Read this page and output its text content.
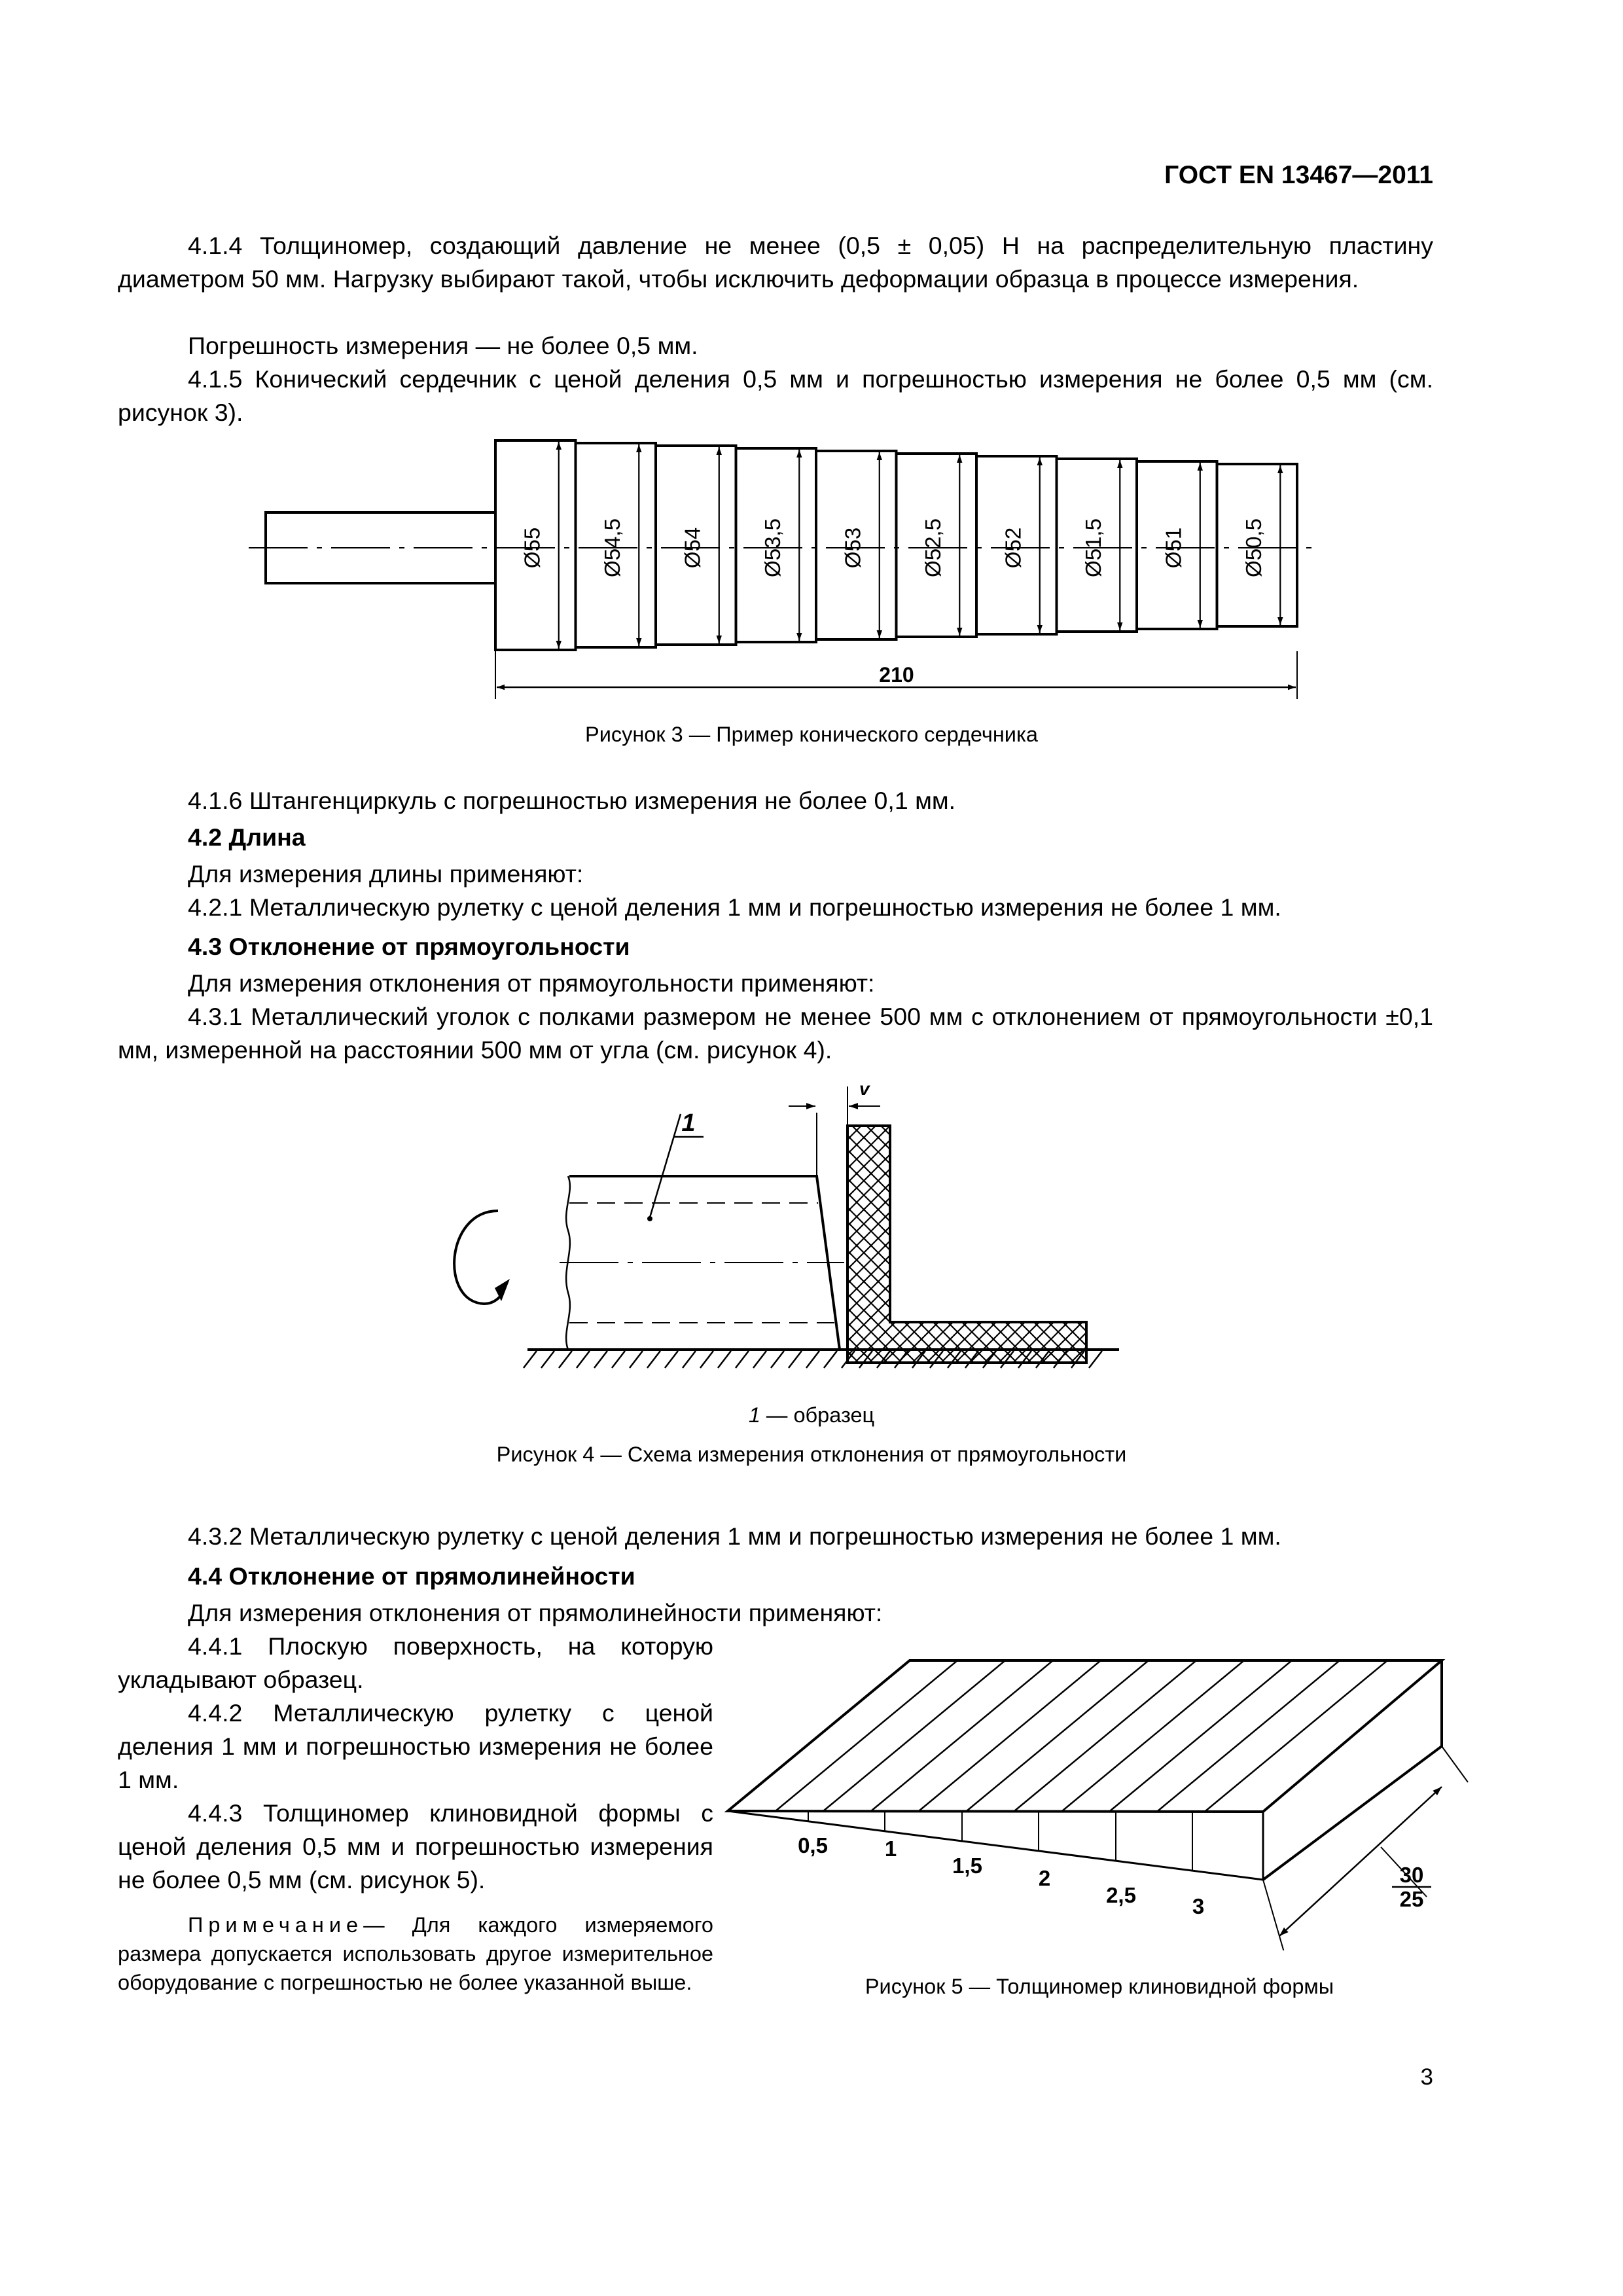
ГОСТ EN 13467—2011

4.1.4 Толщиномер, создающий давление не менее (0,5 ± 0,05) Н на распределительную пластину диаметром 50 мм. Нагрузку выбирают такой, чтобы исключить деформации образца в процессе измерения.

Погрешность измерения — не более 0,5 мм.

4.1.5 Конический сердечник с ценой деления 0,5 мм и погрешностью измерения не более 0,5 мм (см. рисунок 3).

Ø55	Ø54,5	Ø54	Ø53,5	Ø53	Ø52,5	Ø52	Ø51,5	Ø51	Ø50,5
210
Рисунок 3 — Пример конического сердечника

4.1.6 Штангенциркуль с погрешностью измерения не более 0,1 мм.

4.2 Длина

Для измерения длины применяют:

4.2.1 Металлическую рулетку с ценой деления 1 мм и погрешностью измерения не более 1 мм.

4.3 Отклонение от прямоугольности

Для измерения отклонения от прямоугольности применяют:

4.3.1 Металлический уголок с полками размером не менее 500 мм с отклонением от прямоугольности ±0,1 мм, измеренной на расстоянии 500 мм от угла (см. рисунок 4).

1
v
1 — образец
Рисунок 4 — Схема измерения отклонения от прямоугольности

4.3.2 Металлическую рулетку с ценой деления 1 мм и погрешностью измерения не более 1 мм.

4.4 Отклонение от прямолинейности

Для измерения отклонения от прямолинейности применяют:

4.4.1 Плоскую поверхность, на которую укладывают образец.

4.4.2 Металлическую рулетку с ценой деления 1 мм и погрешностью измерения не более 1 мм.

4.4.3 Толщиномер клиновидной формы с ценой деления 0,5 мм и погрешностью измерения не более 0,5 мм (см. рисунок 5).

Примечание— Для каждого измеряемого размера допускается использовать другое измерительное оборудование с погрешностью не более указанной выше.

0,5	1
1,5
2
2,5	3
30
25
Рисунок 5 — Толщиномер клиновидной формы
3
